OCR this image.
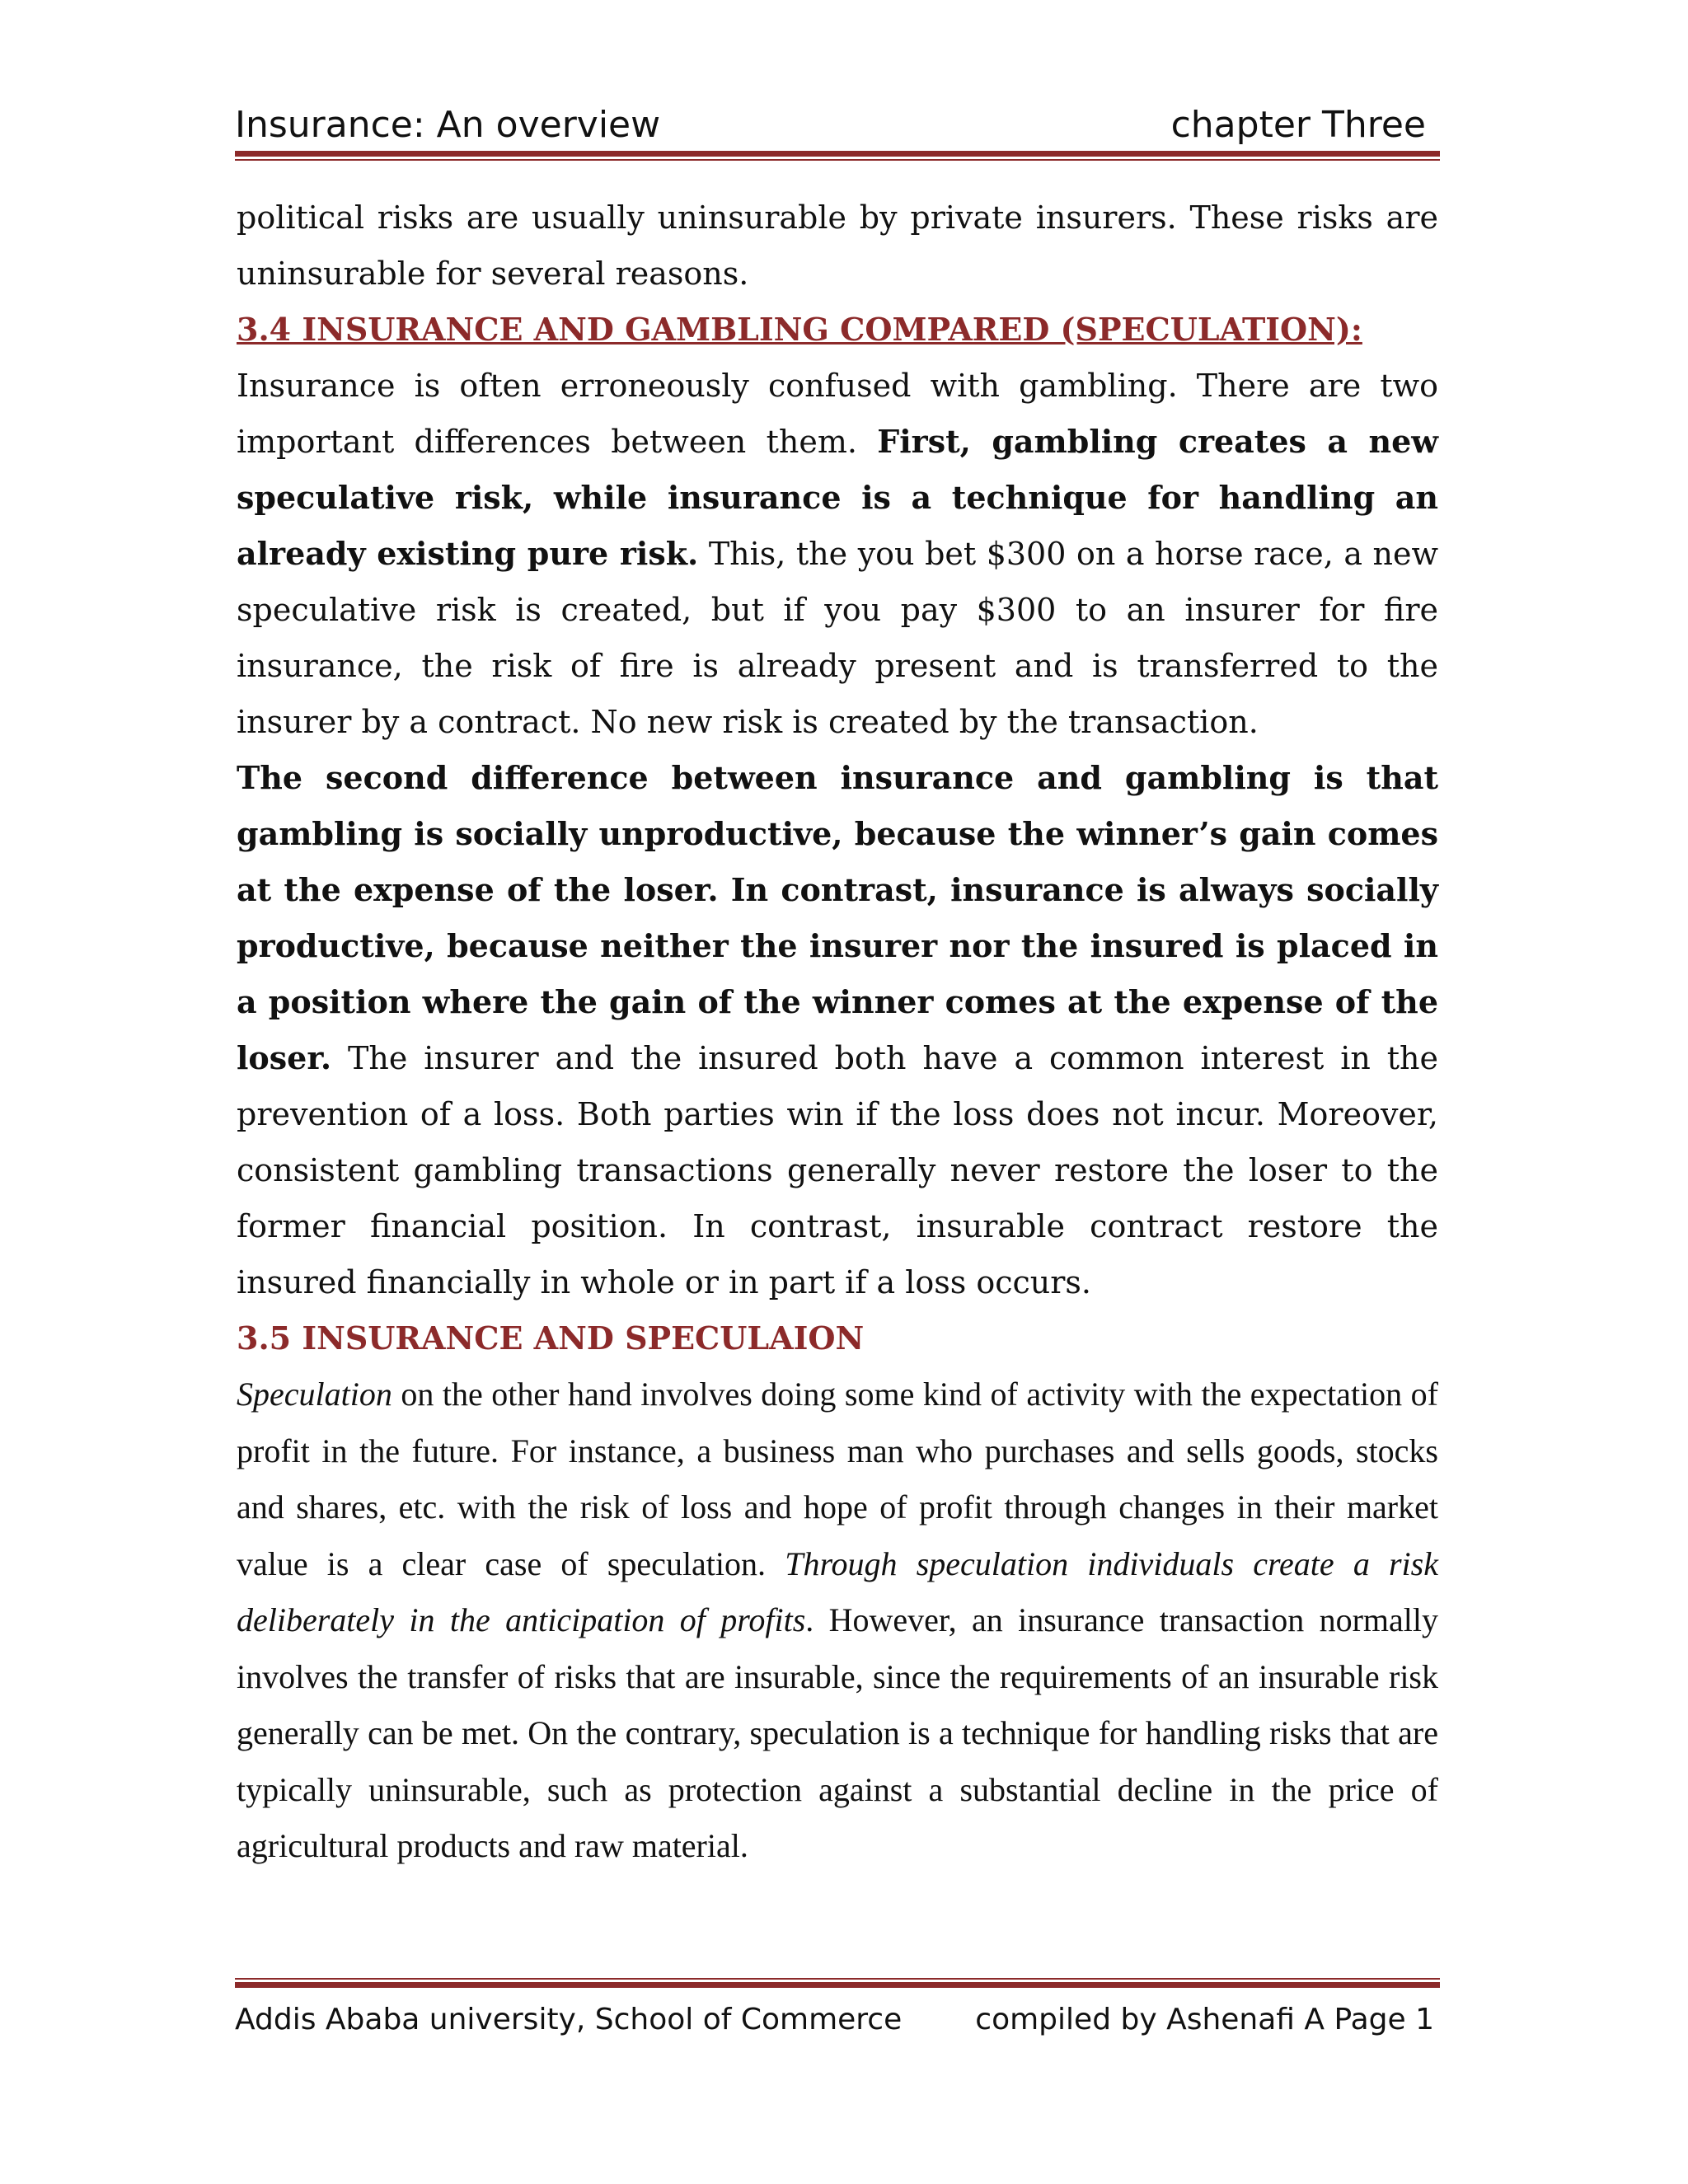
Insurance: An overview	chapter Three

political risks are usually uninsurable by private insurers. These risks are uninsurable for several reasons.

3.4 INSURANCE AND GAMBLING COMPARED (SPECULATION):

Insurance is often erroneously confused with gambling. There are two important differences between them. First, gambling creates a new speculative risk, while insurance is a technique for handling an already existing pure risk. This, the you bet $300 on a horse race, a new speculative risk is created, but if you pay $300 to an insurer for fire insurance, the risk of fire is already present and is transferred to the insurer by a contract. No new risk is created by the transaction.

The second difference between insurance and gambling is that gambling is socially unproductive, because the winner’s gain comes at the expense of the loser. In contrast, insurance is always socially productive, because neither the insurer nor the insured is placed in a position where the gain of the winner comes at the expense of the loser. The insurer and the insured both have a common interest in the prevention of a loss. Both parties win if the loss does not incur. Moreover, consistent gambling transactions generally never restore the loser to the former financial position. In contrast, insurable contract restore the insured financially in whole or in part if a loss occurs.

3.5 INSURANCE AND SPECULAION

Speculation on the other hand involves doing some kind of activity with the expectation of profit in the future. For instance, a business man who purchases and sells goods, stocks and shares, etc. with the risk of loss and hope of profit through changes in their market value is a clear case of speculation. Through speculation individuals create a risk deliberately in the anticipation of profits. However, an insurance transaction normally involves the transfer of risks that are insurable, since the requirements of an insurable risk generally can be met. On the contrary, speculation is a technique for handling risks that are typically uninsurable, such as protection against a substantial decline in the price of agricultural products and raw material.

Addis Ababa university, School of Commerce compiled by Ashenafi A Page 1
